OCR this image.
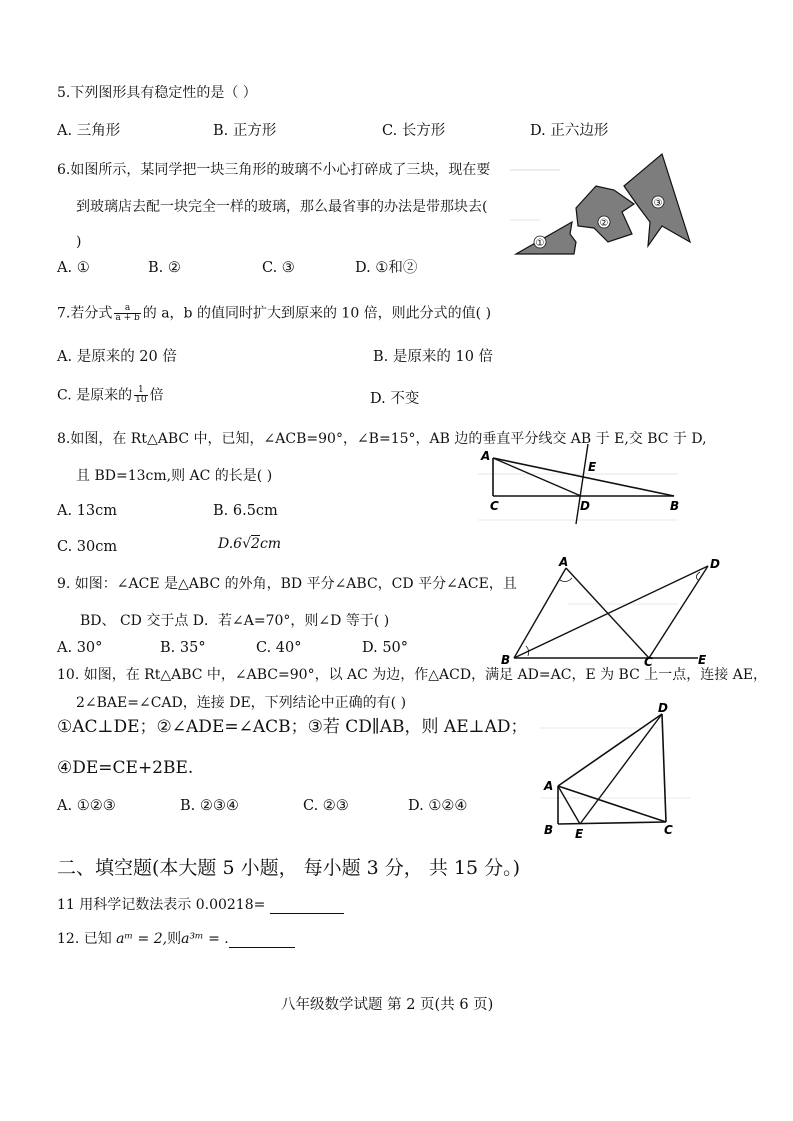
5.下列图形具有稳定性的是（ ）
A. 三角形	B. 正方形	C. 长方形	D. 正六边形
6.如图所示，某同学把一块三角形的玻璃不小心打碎成了三块，现在要
到玻璃店去配一块完全一样的玻璃，那么最省事的办法是带那块去(
)
A. ①	B. ②	C. ③	D. ①和②
①
②
③
7.若分式 $\frac{a}{a + b}$ 的 a，b 的值同时扩大到原来的 10 倍，则此分式的值( )
A. 是原来的 20 倍	B. 是原来的 10 倍
C. 是原来的 $\frac{1}{10}$ 倍	D. 不变
8.如图，在 Rt△ABC 中，已知，∠ACB=90°，∠B=15°，AB 边的垂直平分线交 AB 于 E,交 BC 于 D,
且 BD=13cm,则 AC 的长是( )
A. 13cm	B. 6.5cm
C. 30cm	D.6√2cm
A
E
C	D	B
9. 如图：∠ACE 是△ABC 的外角，BD 平分∠ABC，CD 平分∠ACE，且
BD、 CD 交于点 D．若∠A=70°，则∠D 等于( )
A. 30°	B. 35°	C. 40°	D. 50°
A	D
B	C	E
10. 如图，在 Rt△ABC 中，∠ABC=90°，以 AC 为边，作△ACD，满足 AD=AC，E 为 BC 上一点，连接 AE，
2∠BAE=∠CAD，连接 DE，下列结论中正确的有( )
①AC⊥DE；②∠ADE=∠ACB；③若 CD∥AB，则 AE⊥AD；
④DE=CE+2BE.
A. ①②③	B. ②③④	C. ②③	D. ①②④
D
A
B E	C
二、填空题(本大题 5 小题， 每小题 3 分， 共 15 分。)
11 用科学记数法表示 0.00218=
12. 已知 aᵐ = 2,则a³ᵐ = .
八年级数学试题 第 2 页(共 6 页)
